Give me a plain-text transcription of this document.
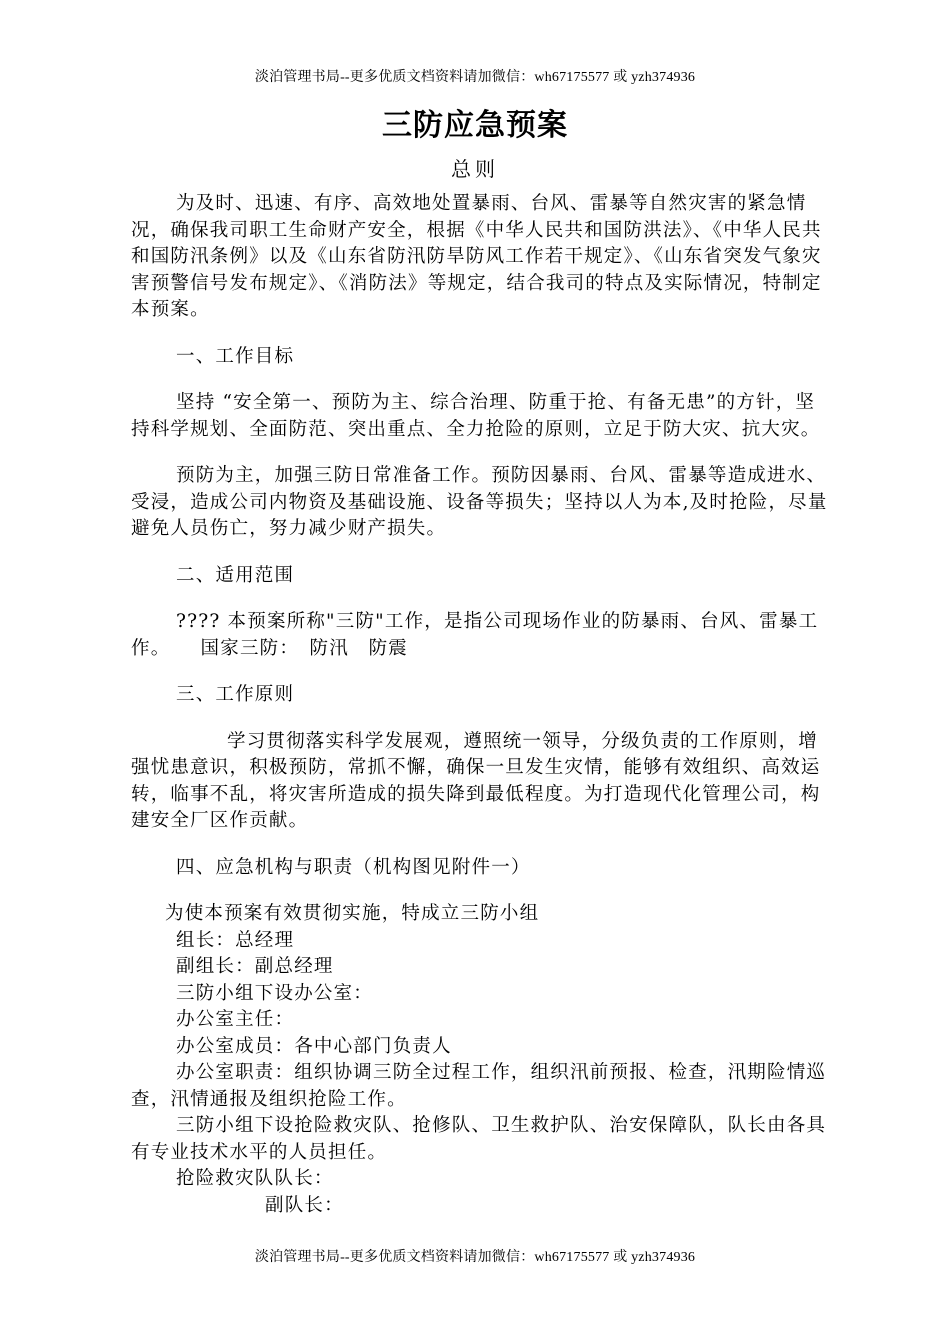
淡泊管理书局--更多优质文档资料请加微信：wh67175577 或 yzh374936
三防应急预案
总则

为及时、迅速、有序、高效地处置暴雨、台风、雷暴等自然灾害的紧急情况，确保我司职工生命财产安全，根据《中华人民共和国防洪法》、《中华人民共和国防汛条例》以及《山东省防汛防旱防风工作若干规定》、《山东省突发气象灾害预警信号发布规定》、《消防法》等规定，结合我司的特点及实际情况，特制定本预案。

一、工作目标

坚持 “安全第一、预防为主、综合治理、防重于抢、有备无患”的方针，坚持科学规划、全面防范、突出重点、全力抢险的原则，立足于防大灾、抗大灾。

预防为主，加强三防日常准备工作。预防因暴雨、台风、雷暴等造成进水、受浸，造成公司内物资及基础设施、设备等损失；坚持以人为本,及时抢险，尽量避免人员伤亡，努力减少财产损失。

二、适用范围

???? 本预案所称"三防"工作，是指公司现场作业的防暴雨、台风、雷暴工作。　　国家三防：　防汛　防震

三、工作原则

学习贯彻落实科学发展观，遵照统一领导，分级负责的工作原则，增强忧患意识，积极预防，常抓不懈，确保一旦发生灾情，能够有效组织、高效运转，临事不乱，将灾害所造成的损失降到最低程度。为打造现代化管理公司，构建安全厂区作贡献。

四、应急机构与职责（机构图见附件一）

为使本预案有效贯彻实施，特成立三防小组

组长：总经理

副组长：副总经理

三防小组下设办公室：

办公室主任：

办公室成员：各中心部门负责人

办公室职责：组织协调三防全过程工作，组织汛前预报、检查，汛期险情巡查，汛情通报及组织抢险工作。

三防小组下设抢险救灾队、抢修队、卫生救护队、治安保障队，队长由各具有专业技术水平的人员担任。

抢险救灾队队长：

副队长：

淡泊管理书局--更多优质文档资料请加微信：wh67175577 或 yzh374936
